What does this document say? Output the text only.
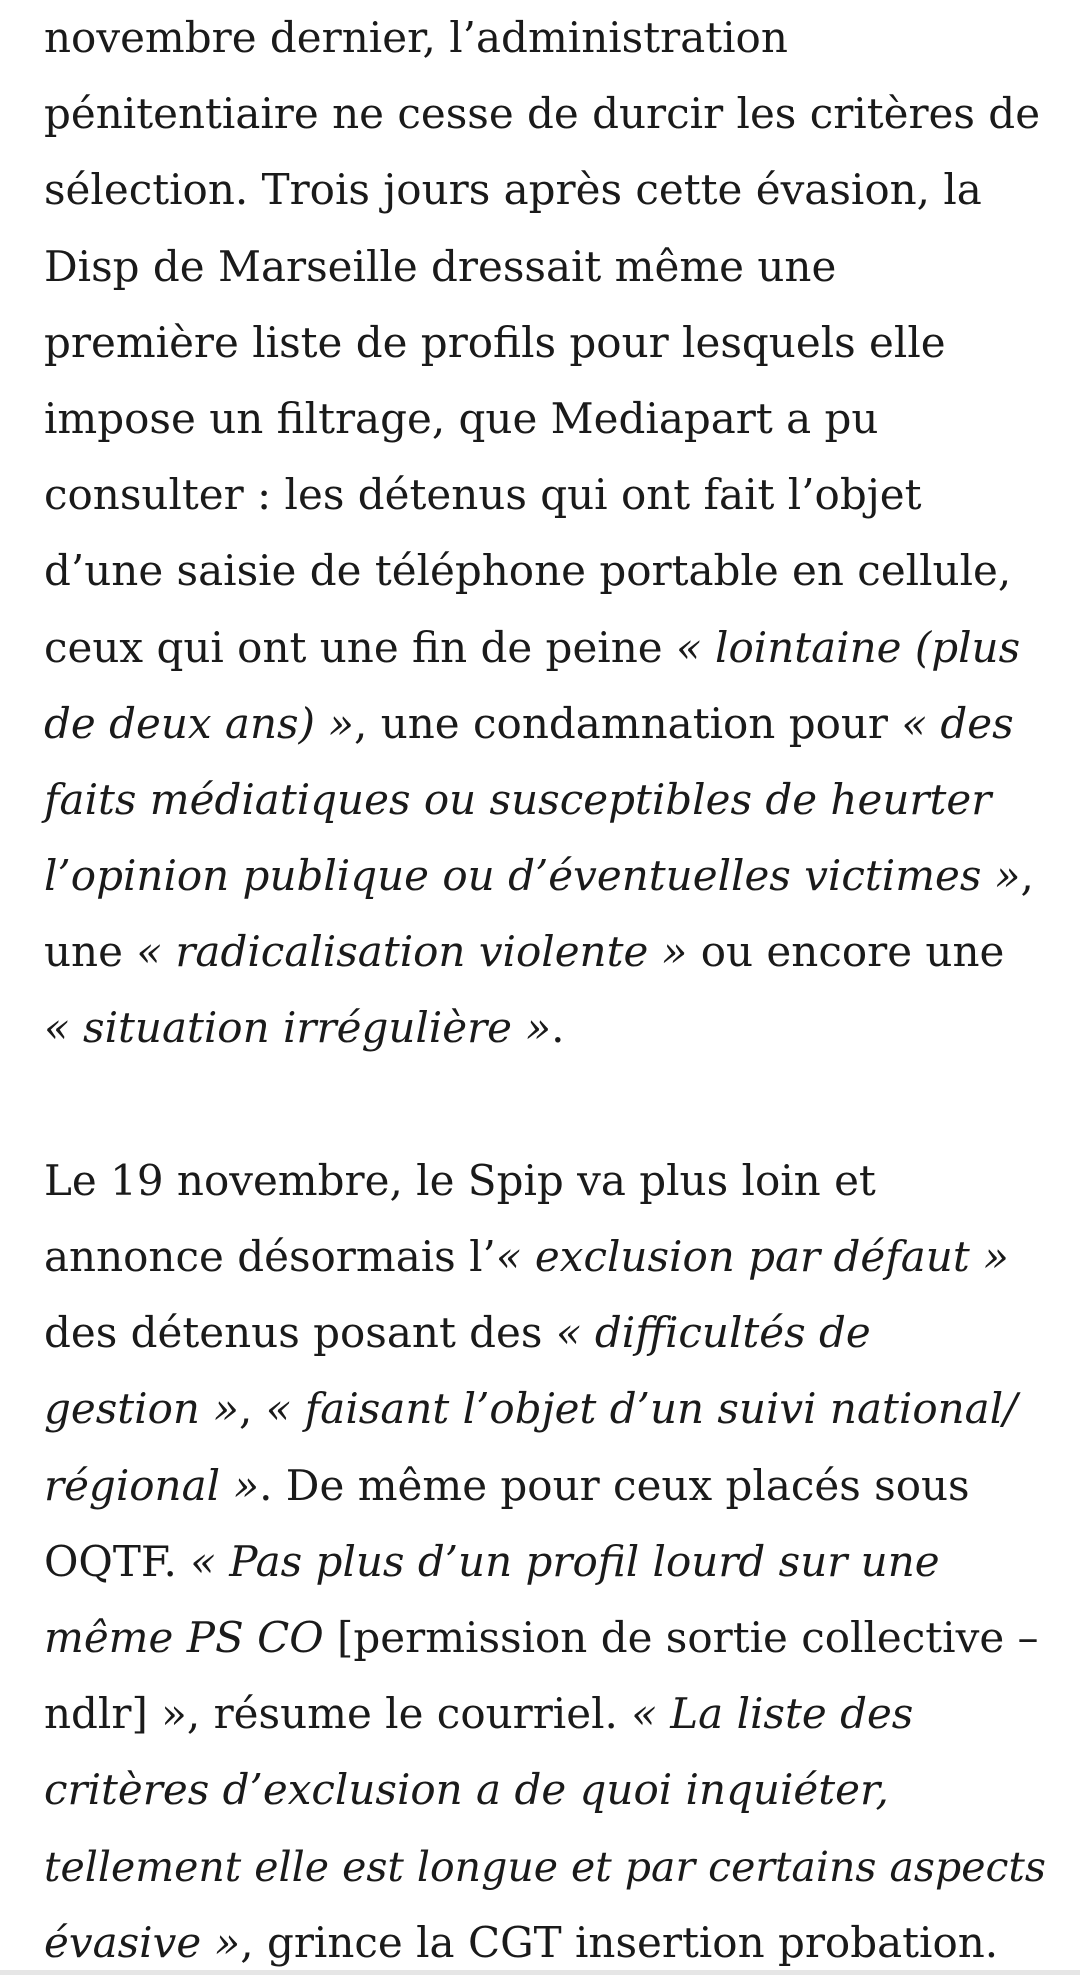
novembre dernier, l’administration
pénitentiaire ne cesse de durcir les critères de
sélection. Trois jours après cette évasion, la
Disp de Marseille dressait même une
première liste de profils pour lesquels elle
impose un filtrage, que Mediapart a pu
consulter : les détenus qui ont fait l’objet
d’une saisie de téléphone portable en cellule,
ceux qui ont une fin de peine « lointaine (plus
de deux ans) », une condamnation pour « des
faits médiatiques ou susceptibles de heurter
l’opinion publique ou d’éventuelles victimes »,
une « radicalisation violente » ou encore une
« situation irrégulière ».
Le 19 novembre, le Spip va plus loin et
annonce désormais l’« exclusion par défaut »
des détenus posant des « difficultés de
gestion », « faisant l’objet d’un suivi national/
régional ». De même pour ceux placés sous
OQTF. « Pas plus d’un profil lourd sur une
même PS CO [permission de sortie collective –
ndlr] », résume le courriel. « La liste des
critères d’exclusion a de quoi inquiéter,
tellement elle est longue et par certains aspects
évasive », grince la CGT insertion probation.
